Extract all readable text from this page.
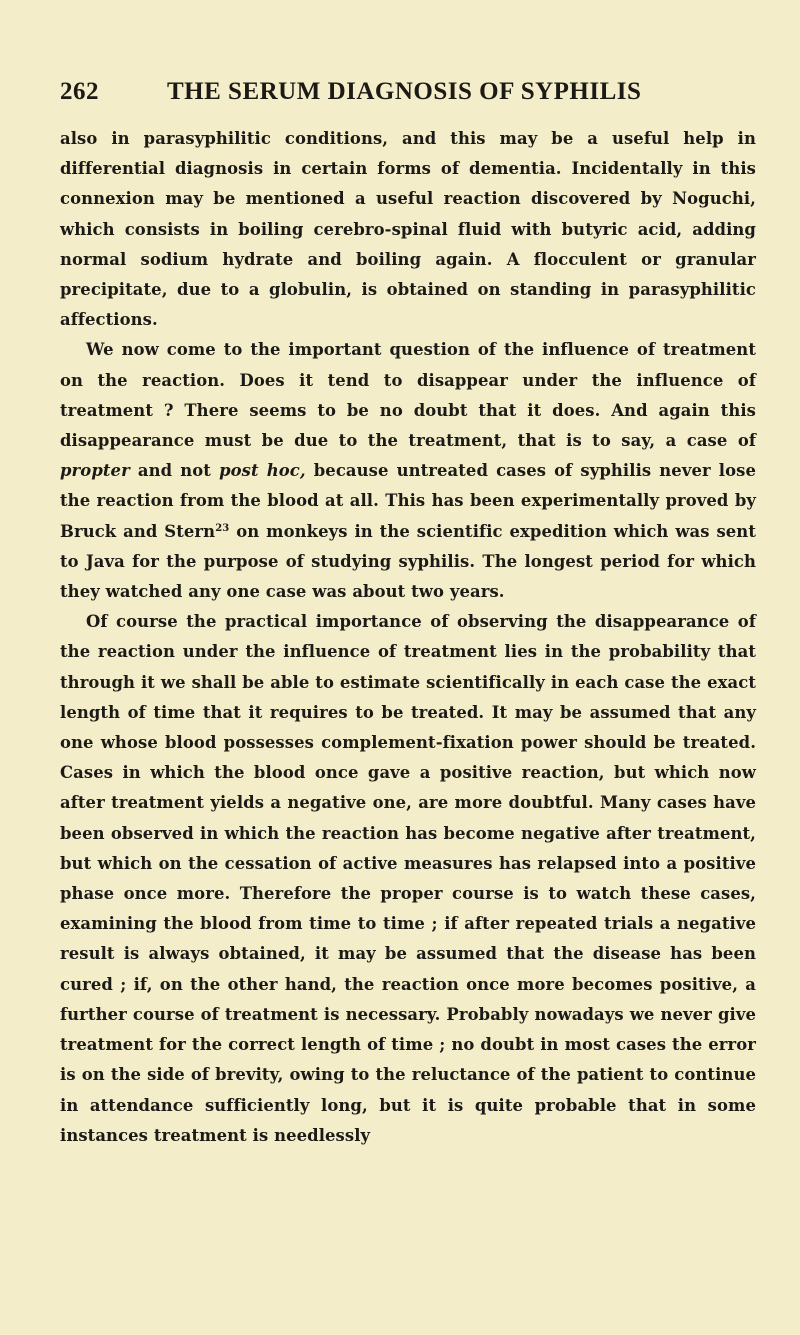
262	THE SERUM DIAGNOSIS OF SYPHILIS

also in parasyphilitic conditions, and this may be a useful help in differential diagnosis in certain forms of dementia. Incidentally in this connexion may be mentioned a useful reaction discovered by Noguchi, which consists in boiling cerebro-spinal fluid with butyric acid, adding normal sodium hydrate and boiling again. A flocculent or granular precipitate, due to a globulin, is obtained on standing in parasyphilitic affections.

We now come to the important question of the influence of treatment on the reaction. Does it tend to disappear under the influence of treatment ? There seems to be no doubt that it does. And again this disappearance must be due to the treatment, that is to say, a case of propter and not post hoc, because untreated cases of syphilis never lose the reaction from the blood at all. This has been experimentally proved by Bruck and Stern$^{23}$ on monkeys in the scientific expedition which was sent to Java for the purpose of studying syphilis. The longest period for which they watched any one case was about two years.

Of course the practical importance of observing the disappearance of the reaction under the influence of treatment lies in the probability that through it we shall be able to estimate scientifically in each case the exact length of time that it requires to be treated. It may be assumed that any one whose blood possesses complement-fixation power should be treated. Cases in which the blood once gave a positive reaction, but which now after treatment yields a negative one, are more doubtful. Many cases have been observed in which the reaction has become negative after treatment, but which on the cessation of active measures has relapsed into a positive phase once more. Therefore the proper course is to watch these cases, examining the blood from time to time ; if after repeated trials a negative result is always obtained, it may be assumed that the disease has been cured ; if, on the other hand, the reaction once more becomes positive, a further course of treatment is necessary. Probably nowadays we never give treatment for the correct length of time ; no doubt in most cases the error is on the side of brevity, owing to the reluctance of the patient to continue in attendance sufficiently long, but it is quite probable that in some instances treatment is needlessly
